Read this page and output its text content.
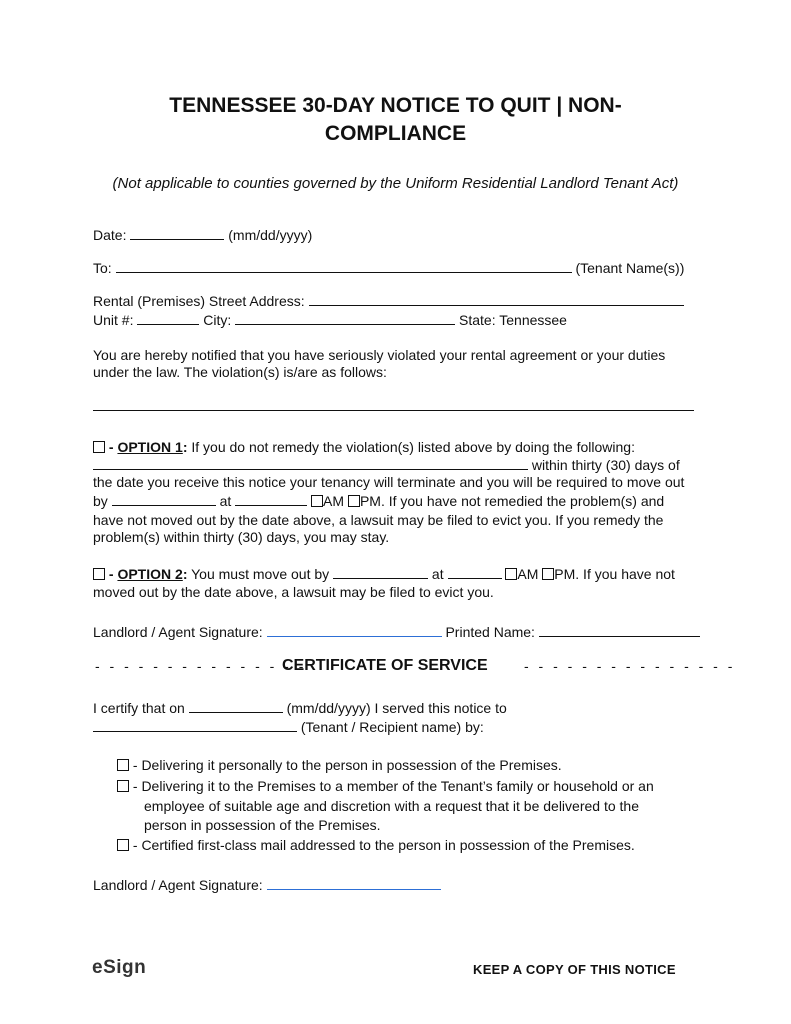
TENNESSEE 30-DAY NOTICE TO QUIT | NON-
COMPLIANCE
(Not applicable to counties governed by the Uniform Residential Landlord Tenant Act)
Date:	(mm/dd/yyyy)
To:	(Tenant Name(s))
Rental (Premises) Street Address:
Unit #:	City:	State: Tennessee
You are hereby notified that you have seriously violated your rental agreement or your duties
under the law. The violation(s) is/are as follows:
- OPTION 1: If you do not remedy the violation(s) listed above by doing the following:
within thirty (30) days of
the date you receive this notice your tenancy will terminate and you will be required to move out
by	at	AM PM. If you have not remedied the problem(s) and
have not moved out by the date above, a lawsuit may be filed to evict you. If you remedy the
problem(s) within thirty (30) days, you may stay.
- OPTION 2: You must move out by	at	AM PM. If you have not
moved out by the date above, a lawsuit may be filed to evict you.
Landlord / Agent Signature:	Printed Name:
- - - - - - - - - - - - - - -
CERTIFICATE OF SERVICE	- - - - - - - - - - - - - - -
I certify that on	(mm/dd/yyyy) I served this notice to
(Tenant / Recipient name) by:
- Delivering it personally to the person in possession of the Premises.
- Delivering it to the Premises to a member of the Tenant’s family or household or an
employee of suitable age and discretion with a request that it be delivered to the
person in possession of the Premises.
- Certified first-class mail addressed to the person in possession of the Premises.
Landlord / Agent Signature:
eSign	KEEP A COPY OF THIS NOTICE
